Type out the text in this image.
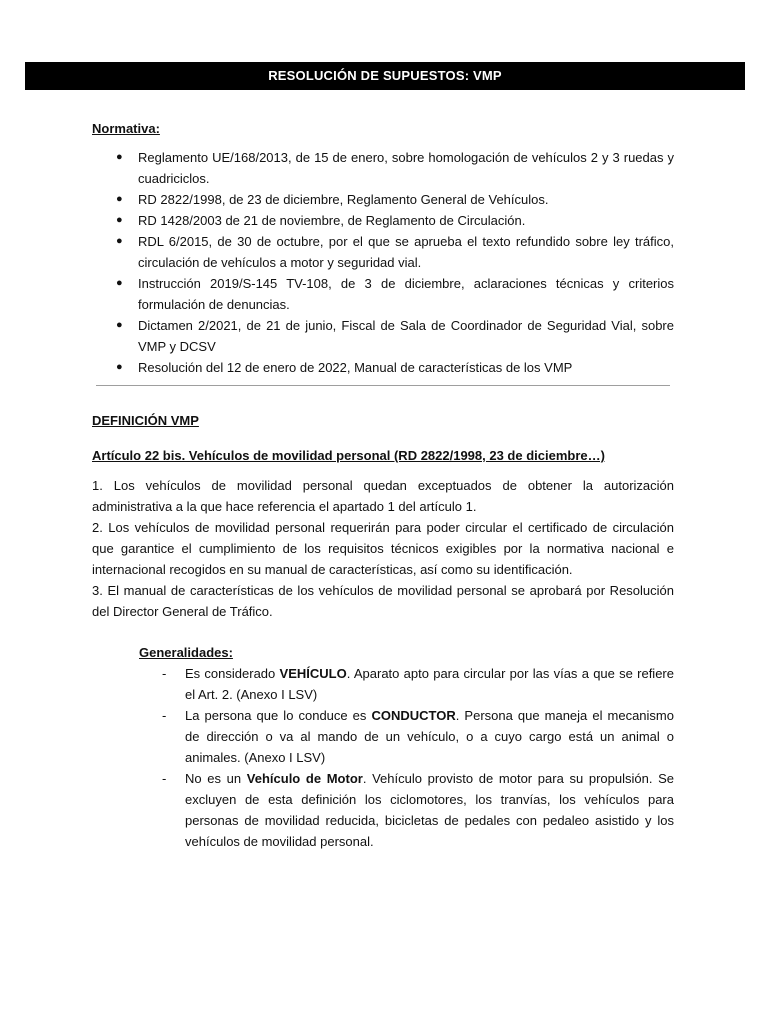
RESOLUCIÓN DE SUPUESTOS: VMP

Normativa:

● Reglamento UE/168/2013, de 15 de enero, sobre homologación de vehículos 2 y 3 ruedas y cuadriciclos.
● RD 2822/1998, de 23 de diciembre, Reglamento General de Vehículos.
● RD 1428/2003 de 21 de noviembre, de Reglamento de Circulación.
● RDL 6/2015, de 30 de octubre, por el que se aprueba el texto refundido sobre ley tráfico, circulación de vehículos a motor y seguridad vial.
● Instrucción 2019/S-145 TV-108, de 3 de diciembre, aclaraciones técnicas y criterios formulación de denuncias.
● Dictamen 2/2021, de 21 de junio, Fiscal de Sala de Coordinador de Seguridad Vial, sobre VMP y DCSV
● Resolución del 12 de enero de 2022, Manual de características de los VMP

DEFINICIÓN VMP

Artículo 22 bis. Vehículos de movilidad personal (RD 2822/1998, 23 de diciembre…)

1. Los vehículos de movilidad personal quedan exceptuados de obtener la autorización administrativa a la que hace referencia el apartado 1 del artículo 1.

2. Los vehículos de movilidad personal requerirán para poder circular el certificado de circulación que garantice el cumplimiento de los requisitos técnicos exigibles por la normativa nacional e internacional recogidos en su manual de características, así como su identificación.

3. El manual de características de los vehículos de movilidad personal se aprobará por Resolución del Director General de Tráfico.

Generalidades:

- Es considerado VEHÍCULO. Aparato apto para circular por las vías a que se refiere el Art. 2. (Anexo I LSV)
- La persona que lo conduce es CONDUCTOR. Persona que maneja el mecanismo de dirección o va al mando de un vehículo, o a cuyo cargo está un animal o animales. (Anexo I LSV)
- No es un Vehículo de Motor. Vehículo provisto de motor para su propulsión. Se excluyen de esta definición los ciclomotores, los tranvías, los vehículos para personas de movilidad reducida, bicicletas de pedales con pedaleo asistido y los vehículos de movilidad personal.
